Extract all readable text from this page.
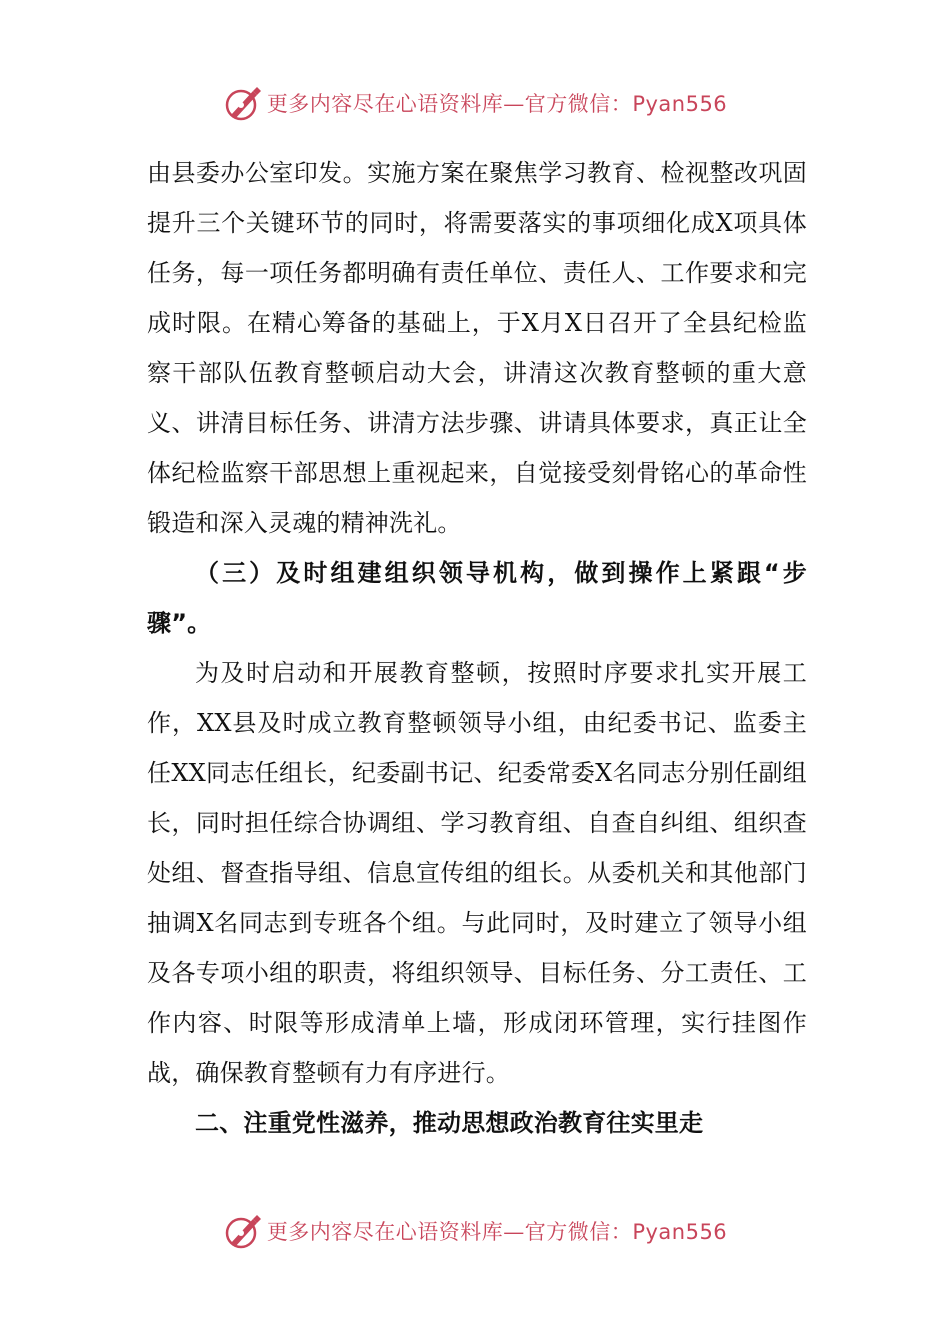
更多内容尽在心语资料库—官方微信：Pyan556

由县委办公室印发。实施方案在聚焦学习教育、检视整改巩固提升三个关键环节的同时，将需要落实的事项细化成X项具体任务，每一项任务都明确有责任单位、责任人、工作要求和完成时限。在精心筹备的基础上，于X月X日召开了全县纪检监察干部队伍教育整顿启动大会，讲清这次教育整顿的重大意义、讲清目标任务、讲清方法步骤、讲请具体要求，真正让全体纪检监察干部思想上重视起来，自觉接受刻骨铭心的革命性锻造和深入灵魂的精神洗礼。

（三）及时组建组织领导机构，做到操作上紧跟“步骤”。

为及时启动和开展教育整顿，按照时序要求扎实开展工作，XX县及时成立教育整顿领导小组，由纪委书记、监委主任XX同志任组长，纪委副书记、纪委常委X名同志分别任副组长，同时担任综合协调组、学习教育组、自查自纠组、组织查处组、督查指导组、信息宣传组的组长。从委机关和其他部门抽调X名同志到专班各个组。与此同时，及时建立了领导小组及各专项小组的职责，将组织领导、目标任务、分工责任、工作内容、时限等形成清单上墙，形成闭环管理，实行挂图作战，确保教育整顿有力有序进行。

二、注重党性滋养，推动思想政治教育往实里走

更多内容尽在心语资料库—官方微信：Pyan556
